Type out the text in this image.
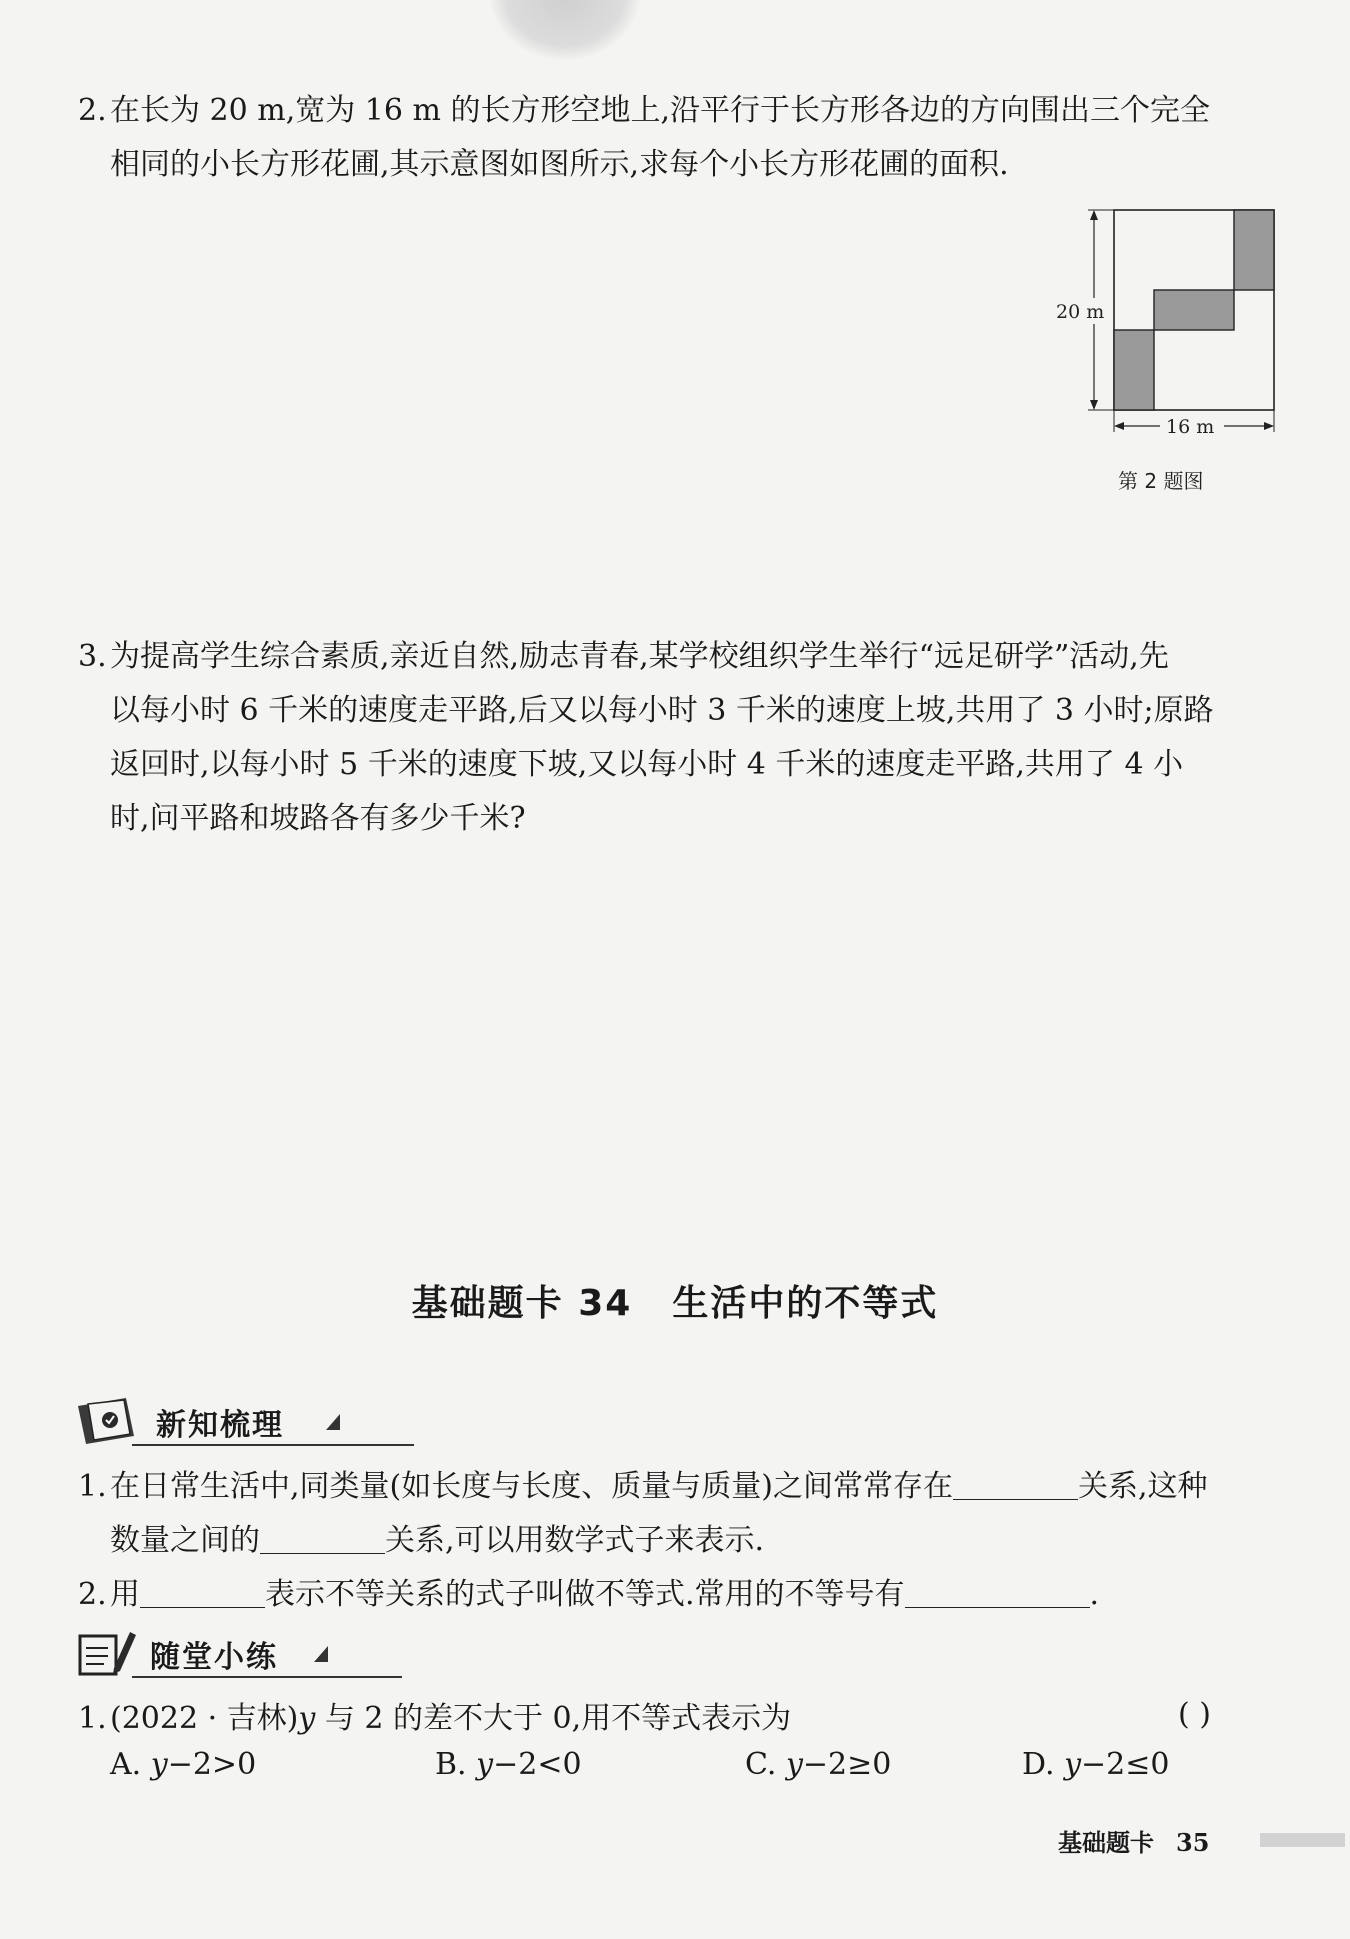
2. 在长为 20 m,宽为 16 m 的长方形空地上,沿平行于长方形各边的方向围出三个完全
相同的小长方形花圃,其示意图如图所示,求每个小长方形花圃的面积.
20 m
16 m
第 2 题图
3. 为提高学生综合素质,亲近自然,励志青春,某学校组织学生举行“远足研学”活动,先
以每小时 6 千米的速度走平路,后又以每小时 3 千米的速度上坡,共用了 3 小时;原路
返回时,以每小时 5 千米的速度下坡,又以每小时 4 千米的速度走平路,共用了 4 小
时,问平路和坡路各有多少千米?
基础题卡 34 生活中的不等式
新知梳理
1. 在日常生活中,同类量(如长度与长度、质量与质量)之间常常存在	关系,这种
数量之间的	关系,可以用数学式子来表示.
2. 用	表示不等关系的式子叫做不等式.常用的不等号有	.
随堂小练
1. (2022 · 吉林)y 与 2 的差不大于 0,用不等式表示为	( )
A. y−2>0	B. y−2<0	C. y−2≥0	D. y−2≤0
基础题卡 35
